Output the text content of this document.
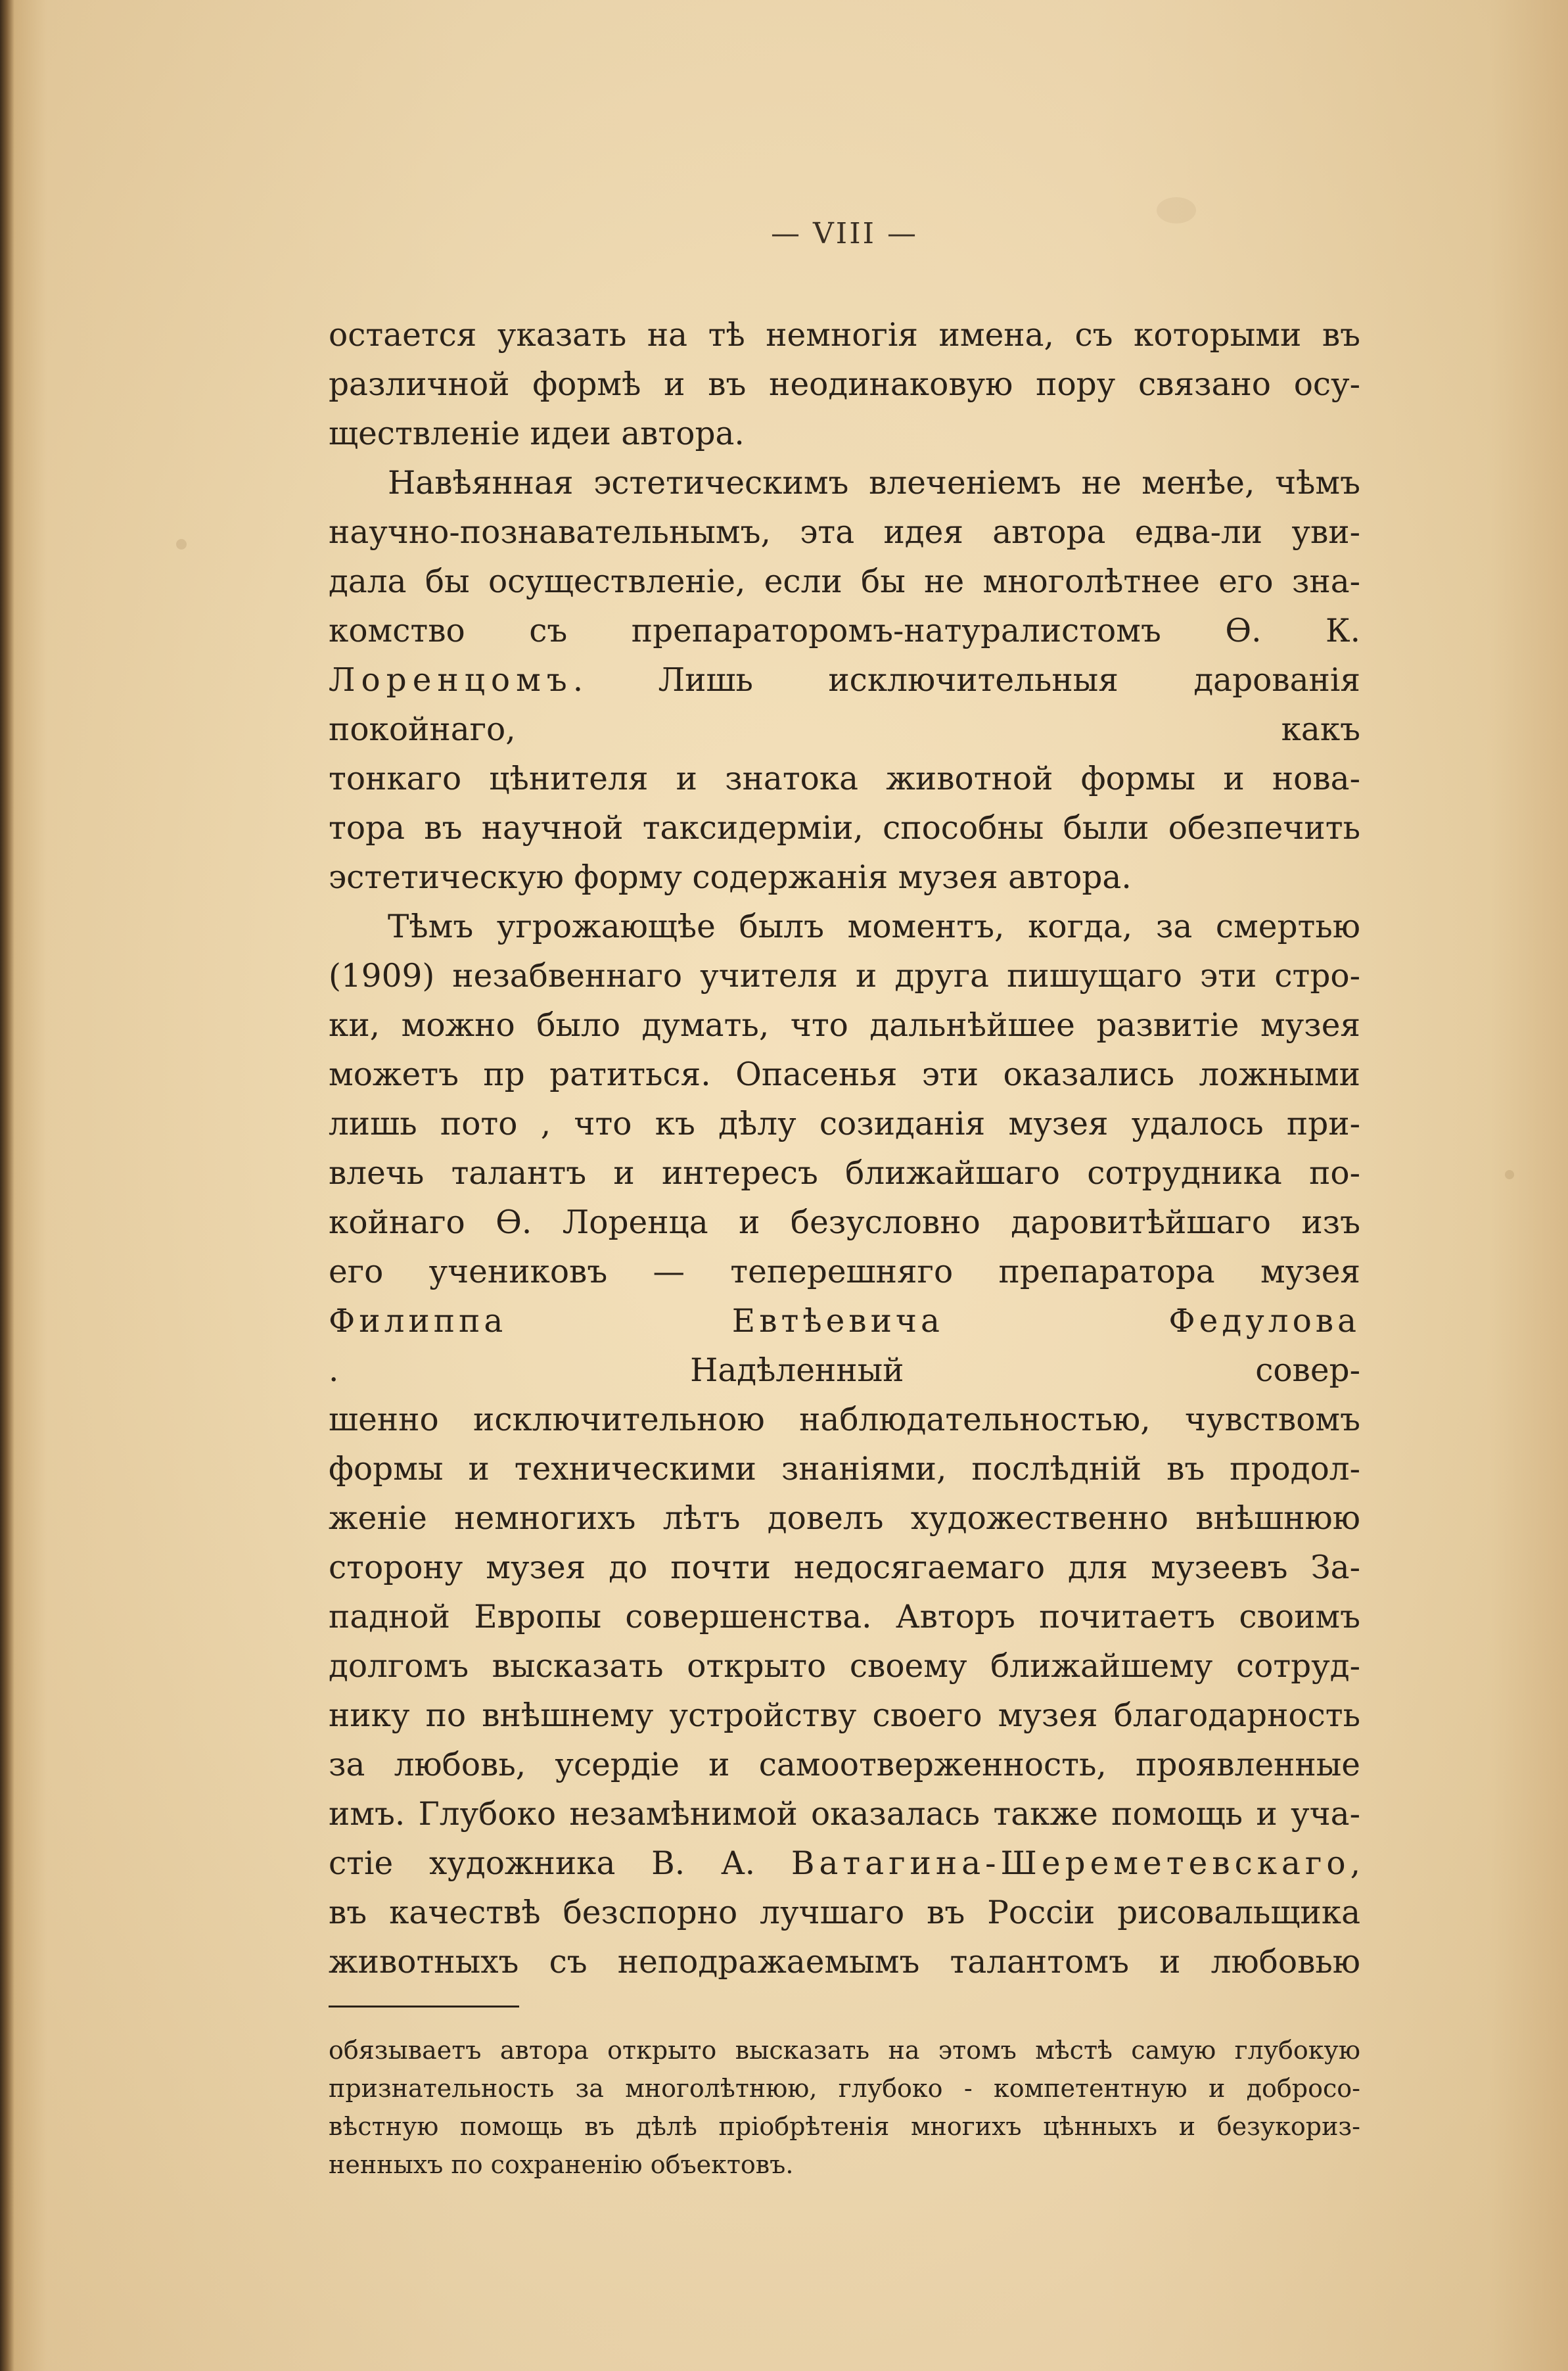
— VIII —

остается указать на тѣ немногія имена, съ которыми въ

различной формѣ и въ неодинаковую пору связано осу-

ществленіе идеи автора.

Навѣянная эстетическимъ влеченіемъ не менѣе, чѣмъ

научно-познавательнымъ, эта идея автора едва-ли уви-

дала бы осуществленіе, если бы не многолѣтнее его зна-

комство съ препараторомъ-натуралистомъ Ѳ. К. Лоренцомъ. Лишь исключительныя дарованія покойнаго, какъ

тонкаго цѣнителя и знатока животной формы и нова-

тора въ научной таксидерміи, способны были обезпечить

эстетическую форму содержанія музея автора.

Тѣмъ угрожающѣе былъ моментъ, когда, за смертью

(1909) незабвеннаго учителя и друга пишущаго эти стро-

ки, можно было думать, что дальнѣйшее развитіе музея

можетъ пр ратиться. Опасенья эти оказались ложными

лишь пото , что къ дѣлу созиданія музея удалось при-

влечь талантъ и интересъ ближайшаго сотрудника по-

койнаго Ѳ. Лоренца и безусловно даровитѣйшаго изъ

его учениковъ — теперешняго препаратора музея Филиппа Евтѣевича Федулова

. Надѣленный совер-

шенно исключительною наблюдательностью, чувствомъ

формы и техническими знаніями, послѣдній въ продол-

женіе немногихъ лѣтъ довелъ художественно внѣшнюю

сторону музея до почти недосягаемаго для музеевъ За-

падной Европы совершенства. Авторъ почитаетъ своимъ

долгомъ высказать открыто своему ближайшему сотруд-

нику по внѣшнему устройству своего музея благодарность

за любовь, усердіе и самоотверженность, проявленные

имъ. Глубоко незамѣнимой оказалась также помощь и уча-

стіе художника В. А. Ватагина-Шереметевскаго,

въ качествѣ безспорно лучшаго въ Россіи рисовальщика

животныхъ съ неподражаемымъ талантомъ и любовью

обязываетъ автора открыто высказать на этомъ мѣстѣ самую глубокую

признательность за многолѣтнюю, глубоко - компетентную и добросо-

вѣстную помощь въ дѣлѣ пріобрѣтенія многихъ цѣнныхъ и безукориз-

ненныхъ по сохраненію объектовъ.
